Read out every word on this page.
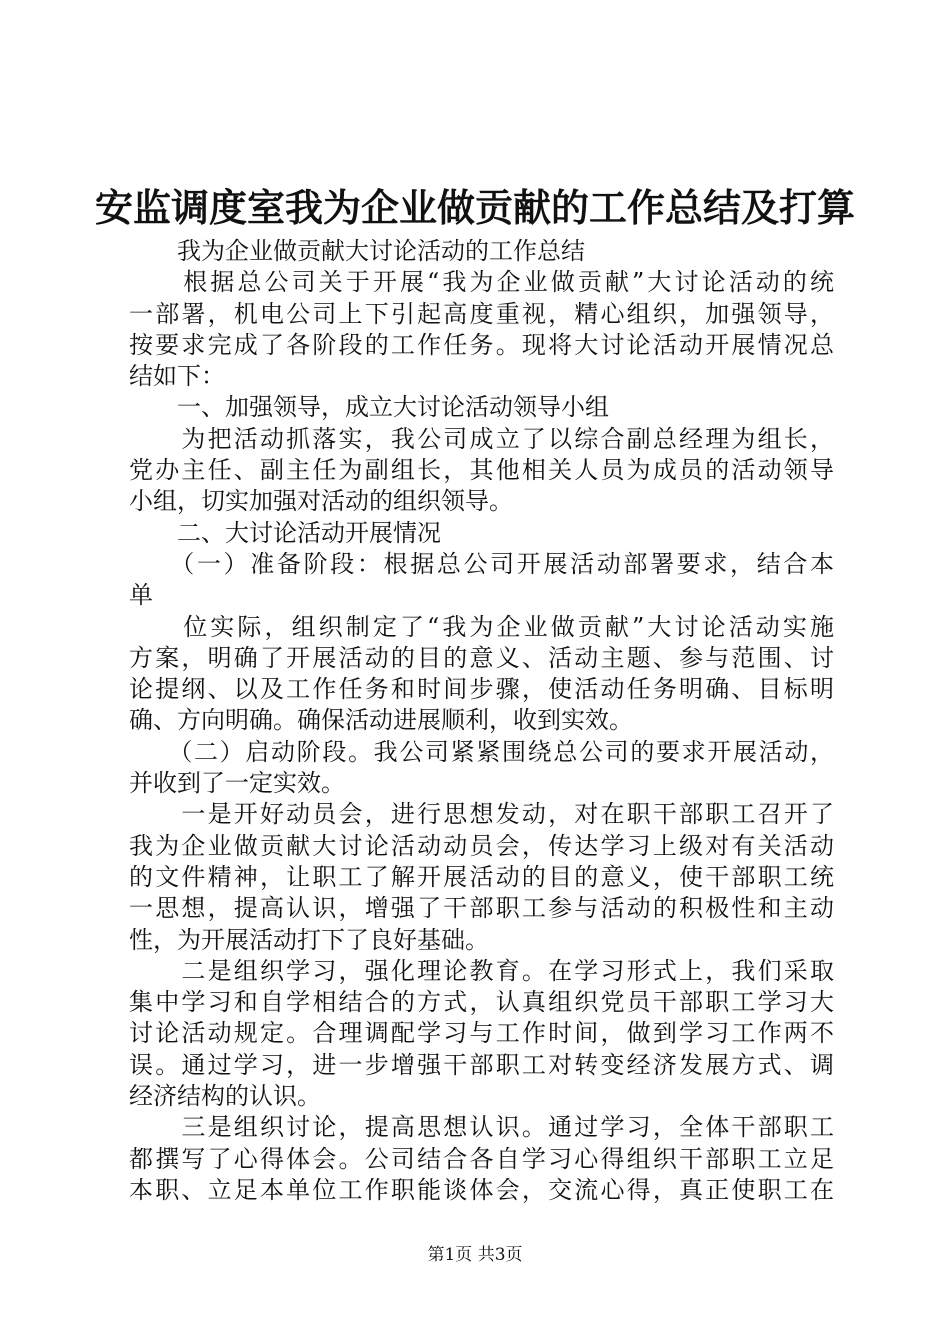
安监调度室我为企业做贡献的工作总结及打算
　　我为企业做贡献大讨论活动的工作总结
　　根据总公司关于开展“我为企业做贡献”大讨论活动的统
一部署，机电公司上下引起高度重视，精心组织，加强领导，
按要求完成了各阶段的工作任务。现将大讨论活动开展情况总
结如下：
　　一、加强领导，成立大讨论活动领导小组
　　为把活动抓落实，我公司成立了以综合副总经理为组长，
党办主任、副主任为副组长，其他相关人员为成员的活动领导
小组，切实加强对活动的组织领导。
　　二、大讨论活动开展情况
　　（一）准备阶段：根据总公司开展活动部署要求，结合本
单
　　位实际，组织制定了“我为企业做贡献”大讨论活动实施
方案，明确了开展活动的目的意义、活动主题、参与范围、讨
论提纲、以及工作任务和时间步骤，使活动任务明确、目标明
确、方向明确。确保活动进展顺利，收到实效。
　　（二）启动阶段。我公司紧紧围绕总公司的要求开展活动，
并收到了一定实效。
　　一是开好动员会，进行思想发动，对在职干部职工召开了
我为企业做贡献大讨论活动动员会，传达学习上级对有关活动
的文件精神，让职工了解开展活动的目的意义，使干部职工统
一思想，提高认识，增强了干部职工参与活动的积极性和主动
性，为开展活动打下了良好基础。
　　二是组织学习，强化理论教育。在学习形式上，我们采取
集中学习和自学相结合的方式，认真组织党员干部职工学习大
讨论活动规定。合理调配学习与工作时间，做到学习工作两不
误。通过学习，进一步增强干部职工对转变经济发展方式、调
经济结构的认识。
　　三是组织讨论，提高思想认识。通过学习，全体干部职工
都撰写了心得体会。公司结合各自学习心得组织干部职工立足
本职、立足本单位工作职能谈体会，交流心得，真正使职工在
第1页 共3页
